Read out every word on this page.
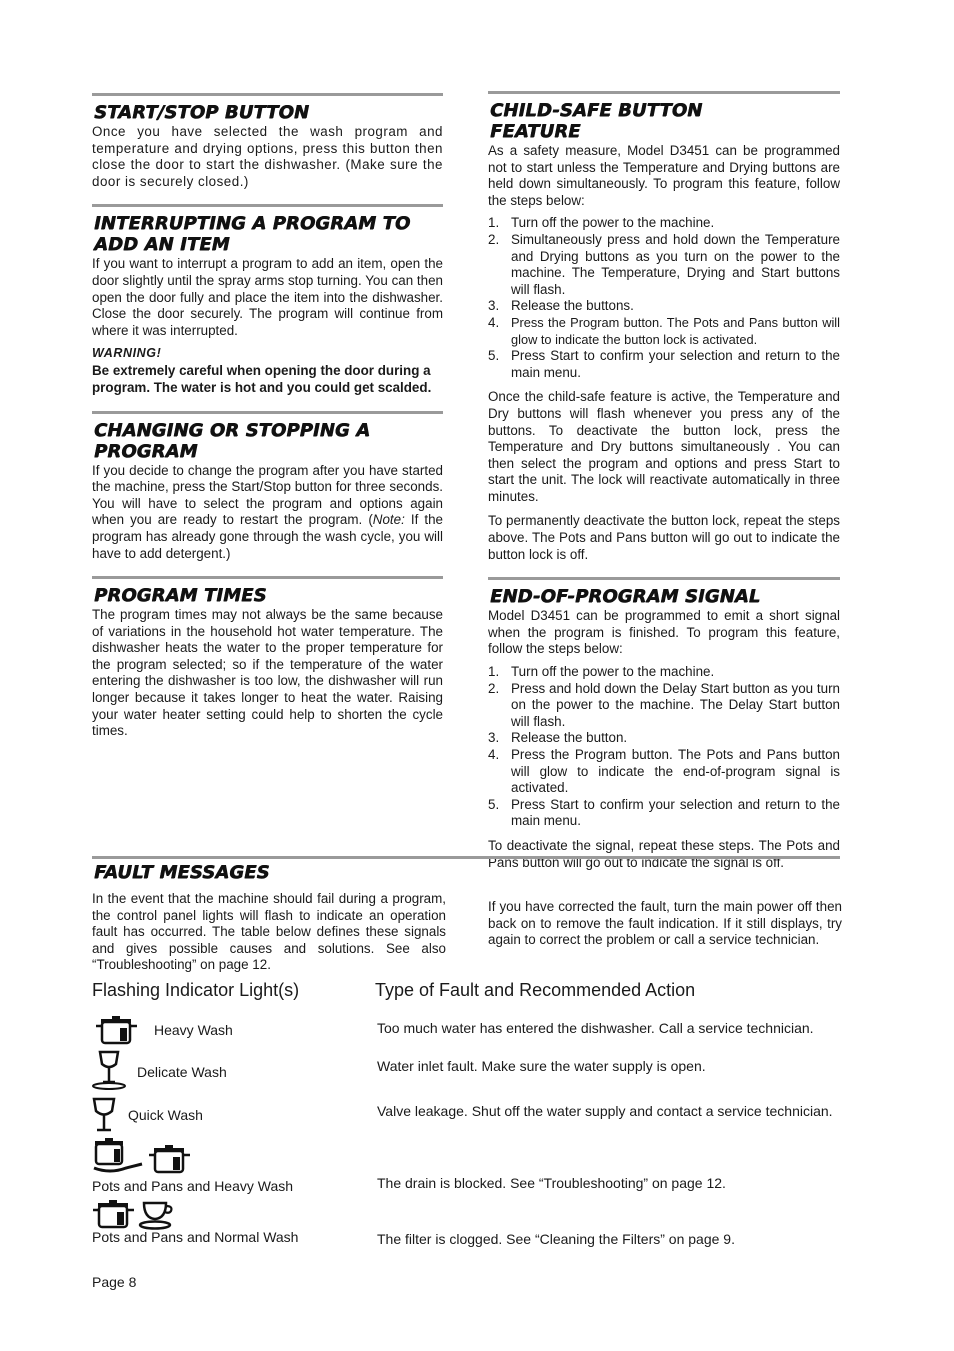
START/STOP BUTTON

Once you have selected the wash program and temperature and drying options, press this button then close the door to start the dishwasher. (Make sure the door is securely closed.)

INTERRUPTING A PROGRAM TO ADD AN ITEM

If you want to interrupt a program to add an item, open the door slightly until the spray arms stop turning. You can then open the door fully and place the item into the dishwasher. Close the door securely. The program will continue from where it was interrupted.

WARNING!

Be extremely careful when opening the door during a program. The water is hot and you could get scalded.

CHANGING OR STOPPING A PROGRAM

If you decide to change the program after you have started the machine, press the Start/Stop button for three seconds. You will have to select the program and options again when you are ready to restart the program. (Note: If the program has already gone through the wash cycle, you will have to add detergent.)

PROGRAM TIMES

The program times may not always be the same because of variations in the household hot water temperature. The dishwasher heats the water to the proper temperature for the program selected; so if the temperature of the water entering the dishwasher is too low, the dishwasher will run longer because it takes longer to heat the water. Raising your water heater setting could help to shorten the cycle times.

CHILD-SAFE BUTTON FEATURE

As a safety measure, Model D3451 can be programmed not to start unless the Temperature and Drying buttons are held down simultaneously. To program this feature, follow the steps below:

1. Turn off the power to the machine.
2. Simultaneously press and hold down the Temperature and Drying buttons as you turn on the power to the machine. The Temperature, Drying and Start buttons will flash.
3. Release the buttons.
4. Press the Program button. The Pots and Pans button will glow to indicate the button lock is activated.
5. Press Start to confirm your selection and return to the main menu.

Once the child-safe feature is active, the Temperature and Dry buttons will flash whenever you press any of the buttons. To deactivate the button lock, press the Temperature and Dry buttons simultaneously . You can then select the program and options and press Start to start the unit. The lock will reactivate automatically in three minutes.

To permanently deactivate the button lock, repeat the steps above. The Pots and Pans button will go out to indicate the button lock is off.

END-OF-PROGRAM SIGNAL

Model D3451 can be programmed to emit a short signal when the program is finished. To program this feature, follow the steps below:

1. Turn off the power to the machine.
2. Press and hold down the Delay Start button as you turn on the power to the machine. The Delay Start button will flash.
3. Release the button.
4. Press the Program button. The Pots and Pans button will glow to indicate the end-of-program signal is activated.
5. Press Start to confirm your selection and return to the main menu.

To deactivate the signal, repeat these steps. The Pots and Pans button will go out to indicate the signal is off.

FAULT MESSAGES

In the event that the machine should fail during a program, the control panel lights will flash to indicate an operation fault has occurred. The table below defines these signals and gives possible causes and solutions. See also “Troubleshooting” on page 12.

If you have corrected the fault, turn the main power off then back on to remove the fault indication. If it still displays, try again to correct the problem or call a service technician.

Flashing Indicator Light(s)	Type of Fault and Recommended Action
Heavy Wash	Too much water has entered the dishwasher. Call a service technician.
Delicate Wash	Water inlet fault. Make sure the water supply is open.
Quick Wash	Valve leakage. Shut off the water supply and contact a service technician.
Pots and Pans and Heavy Wash	The drain is blocked. See “Troubleshooting” on page 12.
Pots and Pans and Normal Wash	The filter is clogged. See “Cleaning the Filters” on page 9.
Page 8
